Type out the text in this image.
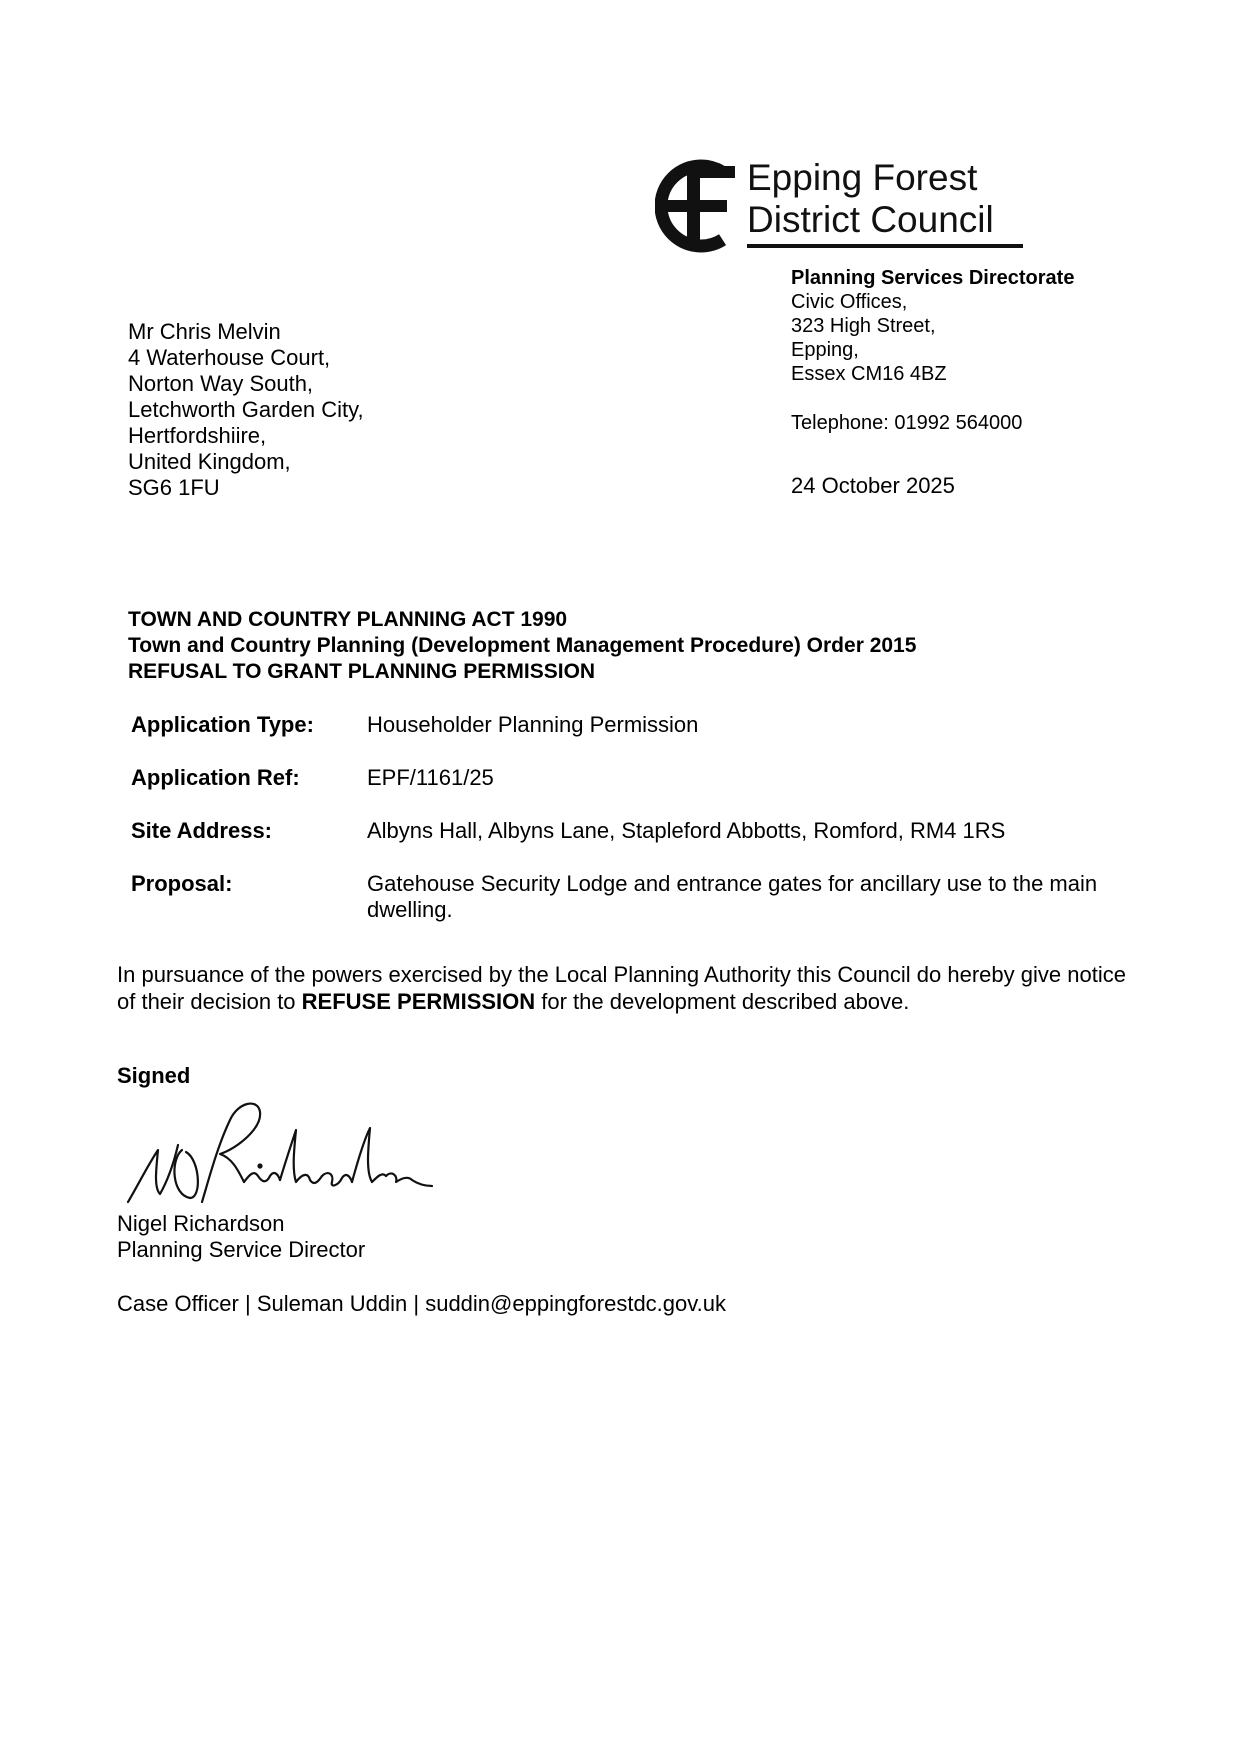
Epping Forest
District Council
Planning Services Directorate
Civic Offices,
323 High Street,
Epping,
Essex CM16 4BZ
Telephone: 01992 564000
24 October 2025
Mr Chris Melvin
4 Waterhouse Court,
Norton Way South,
Letchworth Garden City,
Hertfordshiire,
United Kingdom,
SG6 1FU
TOWN AND COUNTRY PLANNING ACT 1990
Town and Country Planning (Development Management Procedure) Order 2015
REFUSAL TO GRANT PLANNING PERMISSION
Application Type: Householder Planning Permission
Application Ref:	EPF/1161/25
Site Address:	Albyns Hall, Albyns Lane, Stapleford Abbotts, Romford, RM4 1RS
Proposal:	Gatehouse Security Lodge and entrance gates for ancillary use to the main dwelling.
In pursuance of the powers exercised by the Local Planning Authority this Council do hereby give notice of their decision to REFUSE PERMISSION for the development described above.
Signed
Nigel Richardson
Planning Service Director
Case Officer | Suleman Uddin | suddin@eppingforestdc.gov.uk
